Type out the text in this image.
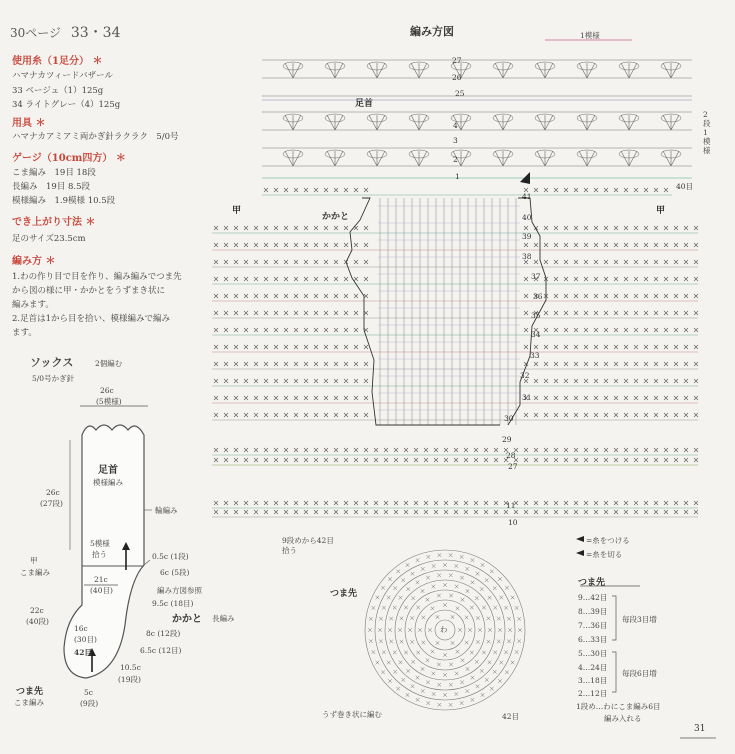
30ページ 33・34
使用糸（1足分） ＊
ハマナカツィードバザール
33 ベージュ（1）125g
34 ライトグレー（4）125g
用具 ＊
ハマナカアミアミ両かぎ針ラクラク　5/0号
ゲージ（10cm四方） ＊
こま編み　19目 18段
長編み　19目 8.5段
模様編み　1.9模様 10.5段
でき上がり寸法 ＊
足のサイズ23.5cm
編み方 ＊
1.わの作り目で目を作り、編み編みでつま先
から図の様に甲・かかとをうずまき状に
編みます。
2.足首は1から目を拾い、模様編みで編み
ます。
ソックス	2個編む
5/0号かぎ針
26c
(5模様)
足首
模様編み
26c
(27段)
輪編み
5模様
拾う	0.5c (1段)
甲
こま編み	6c (5段)
21c
(40目)	編み方図参照
9.5c (18目)
22c
(40段)	かかと 長編み
16c
(30目)
8c (12段)
6.5c (12目)
42目
10.5c
(19段)
つま先
こま編み
5c
(9段)
編み方図	1模様
足首
2段1模様
27
26
25
4
3
2
1
甲
かかと
甲
40目
41
40
39
38
37
36
35
34
33
32
31
30
29
28
27
11
10
9段めから42目
拾う
=糸をつける
=糸を切る
つま先
わ
うず巻き状に編む	42目
つま先
9…42目
8…39目
7…36目
6…33目
毎段3目増
5…30目
4…24目
3…18目
2…12目
毎段6目増
1段め…わにこま編み6目
編み入れる
31
